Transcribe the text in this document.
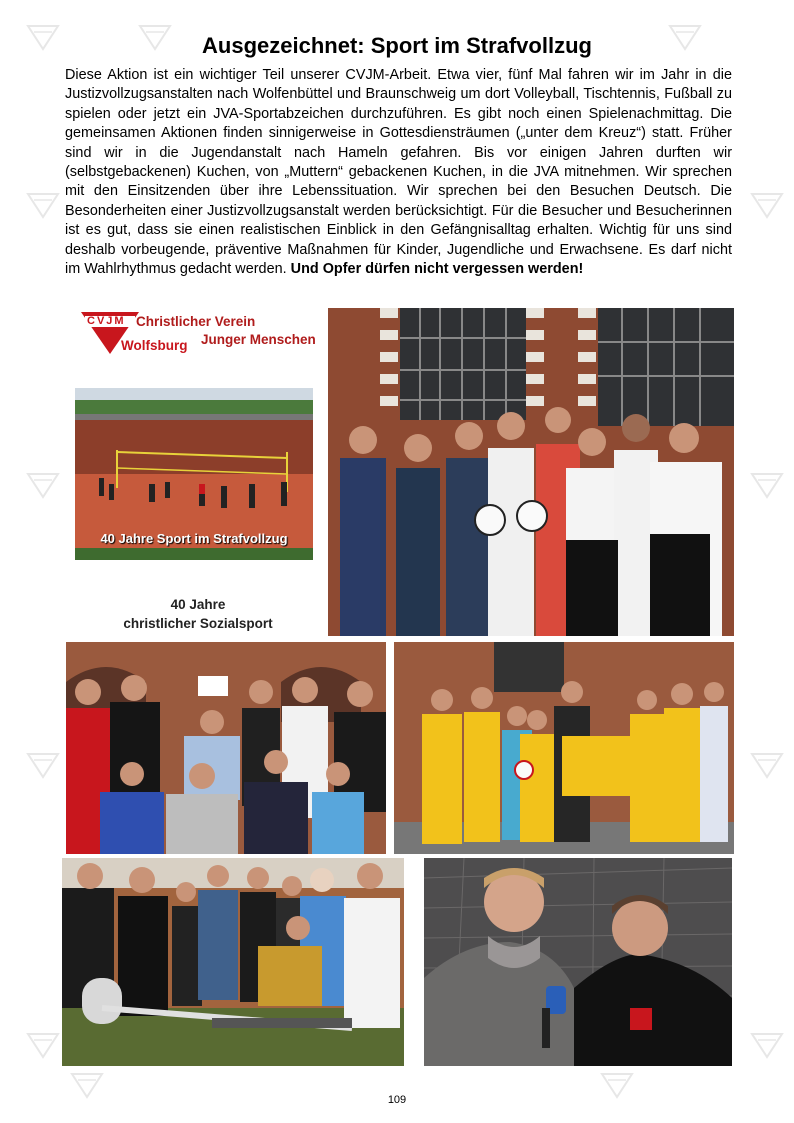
Ausgezeichnet: Sport im Strafvollzug
Diese Aktion ist ein wichtiger Teil unserer CVJM-Arbeit. Etwa vier, fünf Mal fahren wir im Jahr in die Justizvollzugsanstalten nach Wolfenbüttel und Braunschweig um dort Volleyball, Tischtennis, Fußball zu spielen oder jetzt ein JVA-Sportabzeichen durchzuführen. Es gibt noch einen Spielenachmittag. Die gemeinsamen Aktionen finden sinnigerweise in Gottesdiensträumen („unter dem Kreuz“) statt. Früher sind wir in die Jugendanstalt nach Hameln gefahren. Bis vor einigen Jahren durften wir (selbstgebackenen) Kuchen, von „Muttern“ gebackenen Kuchen, in die JVA mitnehmen. Wir sprechen mit den Einsitzenden über ihre Lebenssituation. Wir sprechen bei den Besuchen Deutsch. Die Besonderheiten einer Justizvollzugsanstalt werden berücksichtigt. Für die Besucher und Besucherinnen ist es gut, dass sie einen realistischen Einblick in den Gefängnisalltag erhalten. Wichtig für uns sind deshalb vorbeugende, präventive Maßnahmen für Kinder, Jugendliche und Erwachsene. Es darf nicht im Wahlrhythmus gedacht werden. Und Opfer dürfen nicht vergessen werden!
CVJM Christlicher Verein
Junger Menschen
Wolfsburg
40 Jahre Sport im Strafvollzug
40 Jahre
christlicher Sozialsport
109
